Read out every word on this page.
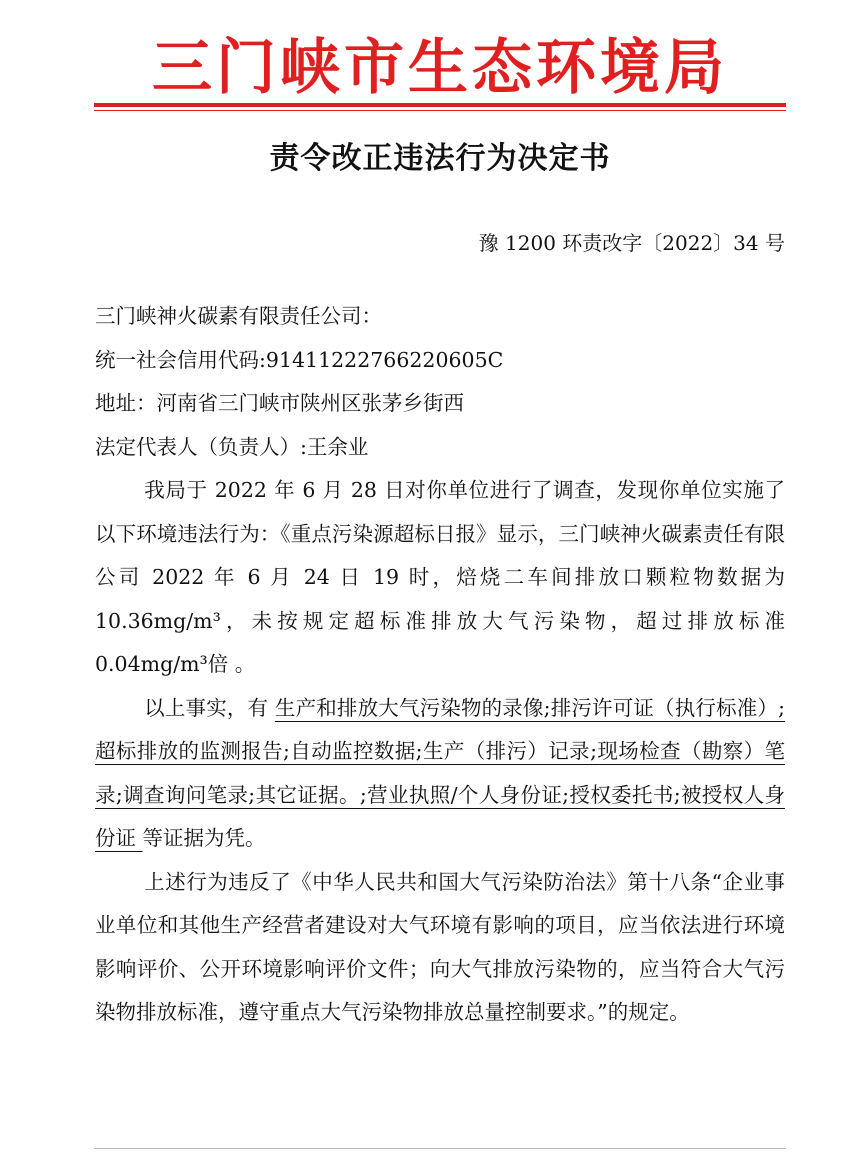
三门峡市生态环境局
责令改正违法行为决定书
豫 1200 环责改字〔2022〕34 号
三门峡神火碳素有限责任公司：
统一社会信用代码:91411222766220605C
地址：河南省三门峡市陕州区张茅乡街西
法定代表人（负责人）:王余业
我局于 2022 年 6 月 28 日对你单位进行了调查，发现你单位实施了以下环境违法行为：《重点污染源超标日报》显示，三门峡神火碳素责任有限公司 2022 年 6 月 24 日 19 时，焙烧二车间排放口颗粒物数据为 10.36mg/m³，未按规定超标准排放大气污染物，超过排放标准 0.04mg/m³倍 。
以上事实，有 生产和排放大气污染物的录像;排污许可证（执行标准）;超标排放的监测报告;自动监控数据;生产（排污）记录;现场检查（勘察）笔录;调查询问笔录;其它证据。;营业执照/个人身份证;授权委托书;被授权人身份证 等证据为凭。
上述行为违反了《中华人民共和国大气污染防治法》第十八条“企业事业单位和其他生产经营者建设对大气环境有影响的项目，应当依法进行环境影响评价、公开环境影响评价文件；向大气排放污染物的，应当符合大气污染物排放标准，遵守重点大气污染物排放总量控制要求。”的规定。
